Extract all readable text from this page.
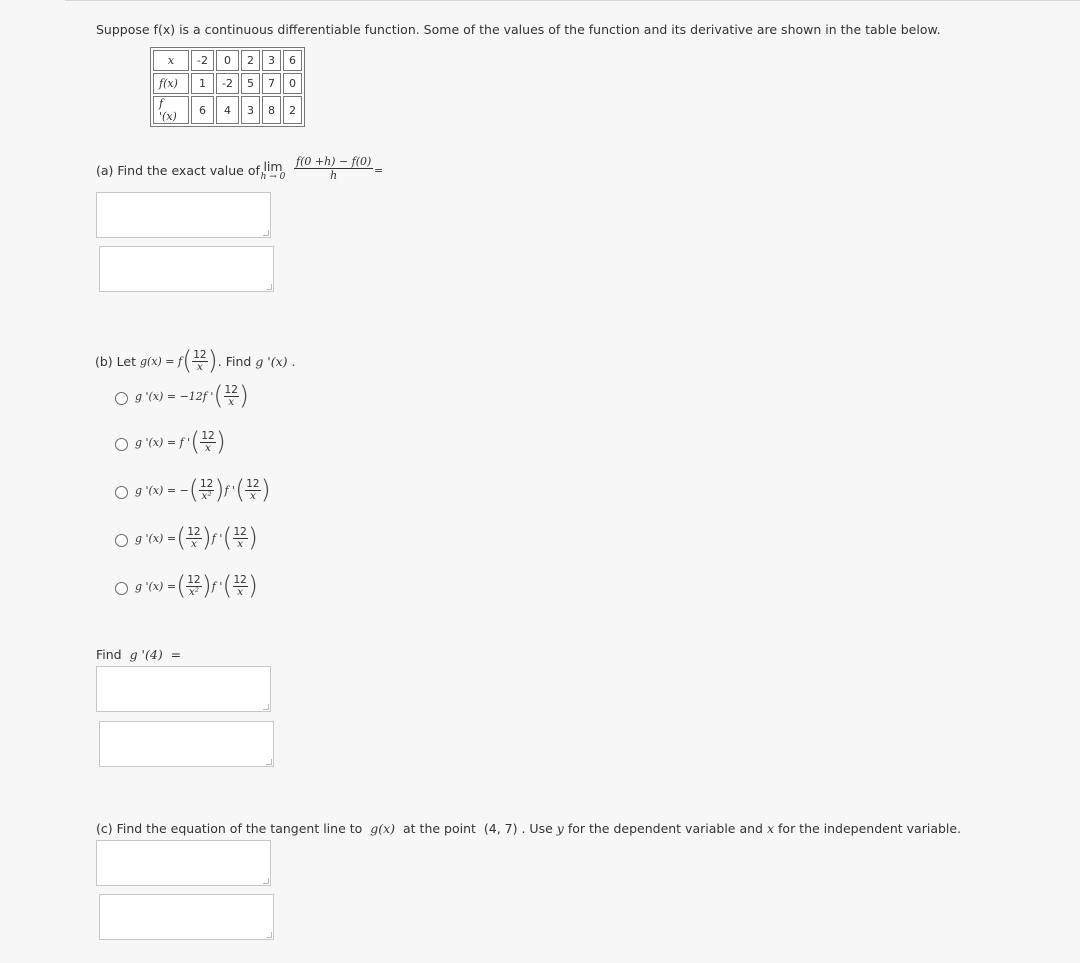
Suppose f(x) is a continuous differentiable function. Some of the values of the function and its derivative are shown in the table below.
x	-2	0	2	3	6
f(x)	1	-2	5	7	0
f '(x)	6	4	3	8	2
(a) Find the exact value of lim
$h \to 0 \frac{f(0 +h) - f(0)}{h}$ =
(b) Let
g(x) = f ( $\frac{12}{x}$ ) . Find
g '(x) .
g '(x) =
−12f ' ( $\frac{12}{x}$ )
g '(x) =
f ' ( $\frac{12}{x}$ )
g '(x) =
− ( $\frac{12}{\text{x²}}$ ) f ' ( $\frac{12}{x}$ )
g '(x) = ( $\frac{12}{x}$ ) f ' ( $\frac{12}{x}$ )
g '(x) = ( $\frac{12}{\text{x²}}$ ) f ' ( $\frac{12}{x}$ )
Find g '(4) =
(c) Find the equation of the tangent line to g(x) at the point (4, 7) . Use y for the dependent variable and x for the independent variable.
